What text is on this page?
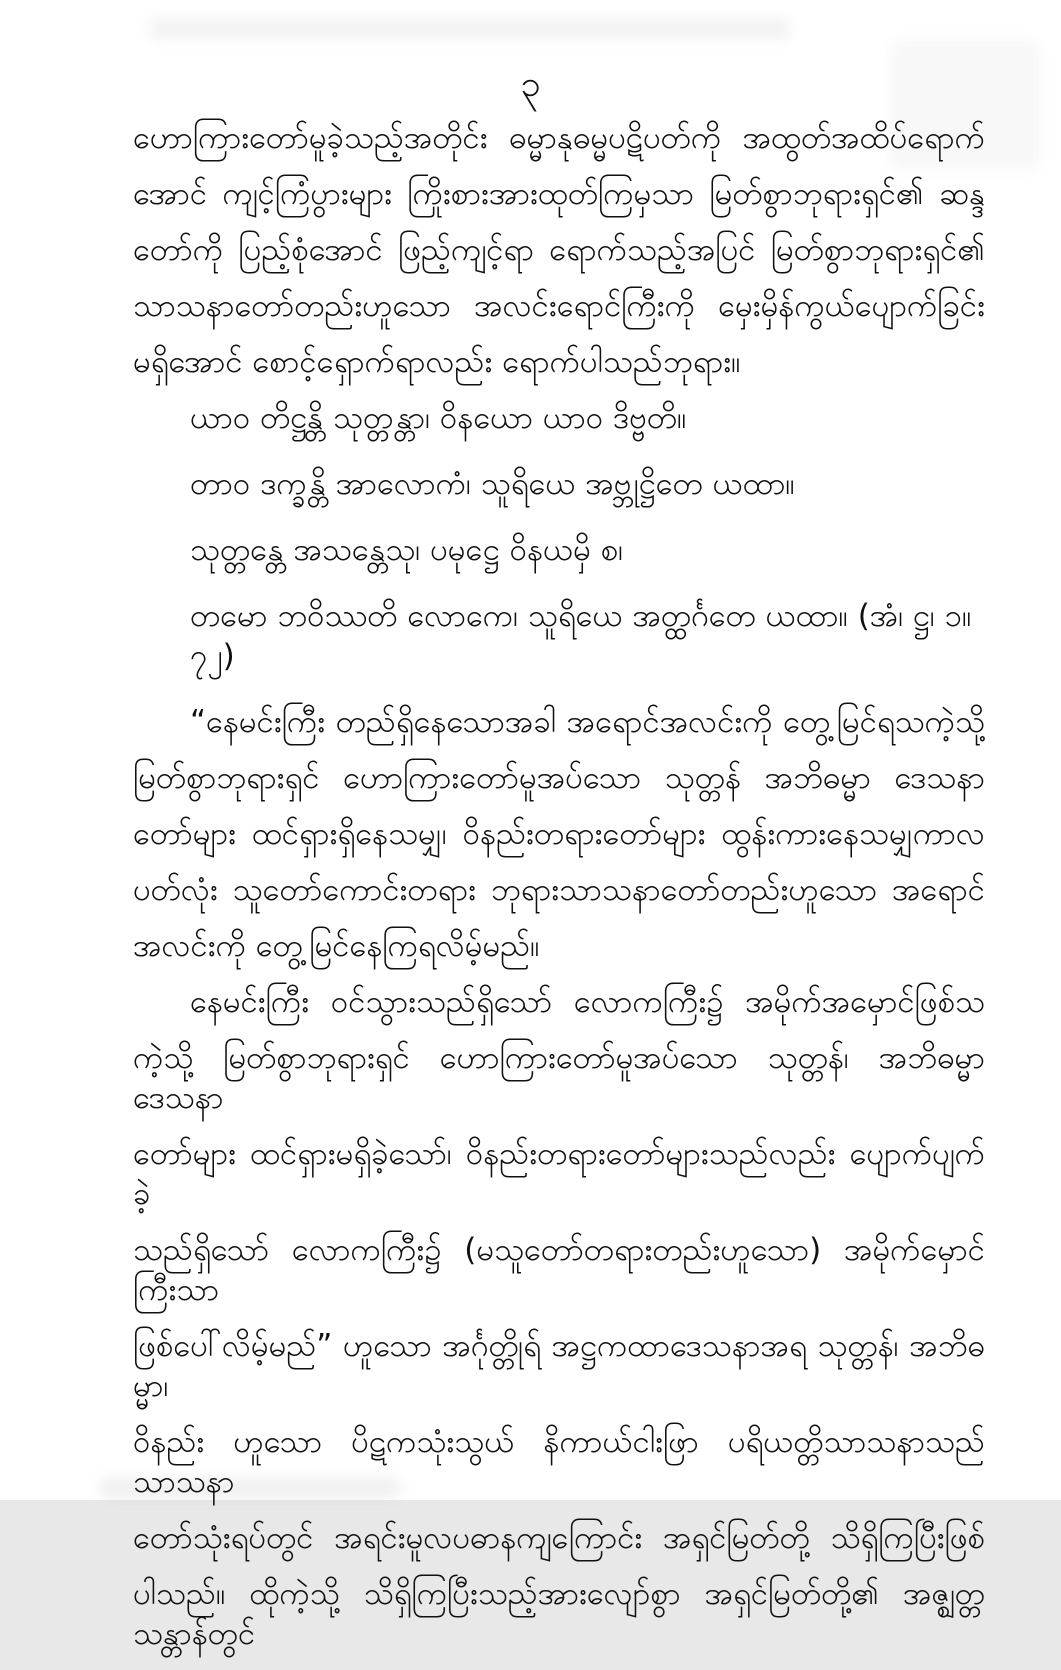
၃
ဟောကြားတော်မူခဲ့သည့်အတိုင်း ဓမ္မာနုဓမ္မပဋိပတ်ကို အထွတ်အထိပ်ရောက်
အောင် ကျင့်ကြံပွားများ ကြိုးစားအားထုတ်ကြမှသာ မြတ်စွာဘုရားရှင်၏ ဆန္ဒ
တော်ကို ပြည့်စုံအောင် ဖြည့်ကျင့်ရာ ရောက်သည့်အပြင် မြတ်စွာဘုရားရှင်၏
သာသနာတော်တည်းဟူသော အလင်းရောင်ကြီးကို မှေးမှိန်ကွယ်ပျောက်ခြင်း
မရှိအောင် စောင့်ရှောက်ရာလည်း ရောက်ပါသည်ဘုရား။
ယာဝ တိဋ္ဌန္တိ သုတ္တန္တာ၊ ဝိနယော ယာဝ ဒိဗ္ဗတိ။
တာဝ ဒက္ခန္တိ အာလောကံ၊ သူရိယေ အဗ္ဘုဋ္ဌိတေ ယထာ။
သုတ္တန္တေ အသန္တေသု၊ ပမုဋ္ဌေ ဝိနယမှိ စ၊
တမော ဘဝိဿတိ လောကေ၊ သူရိယေ အတ္ထင်္ဂတေ ယထာ။ (အံ၊ ဋ္ဌ၊ ၁။ ၇၂)
“နေမင်းကြီး တည်ရှိနေသောအခါ အရောင်အလင်းကို တွေ့မြင်ရသကဲ့သို့
မြတ်စွာဘုရားရှင် ဟောကြားတော်မူအပ်သော သုတ္တန် အဘိဓမ္မာ ဒေသနာ
တော်များ ထင်ရှားရှိနေသမျှ၊ ဝိနည်းတရားတော်များ ထွန်းကားနေသမျှကာလ
ပတ်လုံး သူတော်ကောင်းတရား ဘုရားသာသနာတော်တည်းဟူသော အရောင်
အလင်းကို တွေ့မြင်နေကြရလိမ့်မည်။
နေမင်းကြီး ဝင်သွားသည်ရှိသော် လောကကြီး၌ အမိုက်အမှောင်ဖြစ်သ
ကဲ့သို့ မြတ်စွာဘုရားရှင် ဟောကြားတော်မူအပ်သော သုတ္တန်၊ အဘိဓမ္မာ ဒေသနာ
တော်များ ထင်ရှားမရှိခဲ့သော်၊ ဝိနည်းတရားတော်များသည်လည်း ပျောက်ပျက်ခဲ့
သည်ရှိသော် လောကကြီး၌ (မသူတော်တရားတည်းဟူသော) အမိုက်မှောင်ကြီးသာ
ဖြစ်ပေါ်လိမ့်မည်” ဟူသော အင်္ဂုတ္တိုရ် အဋ္ဌကထာဒေသနာအရ သုတ္တန်၊ အဘိဓမ္မာ၊
ဝိနည်း ဟူသော ပိဋကသုံးသွယ် နိကာယ်ငါးဖြာ ပရိယတ္တိသာသနာသည် သာသနာ
တော်သုံးရပ်တွင် အရင်းမူလပဓာနကျကြောင်း အရှင်မြတ်တို့ သိရှိကြပြီးဖြစ်
ပါသည်။ ထိုကဲ့သို့ သိရှိကြပြီးသည့်အားလျော်စွာ အရှင်မြတ်တို့၏ အဇ္ဈတ္တသန္တာန်တွင်
